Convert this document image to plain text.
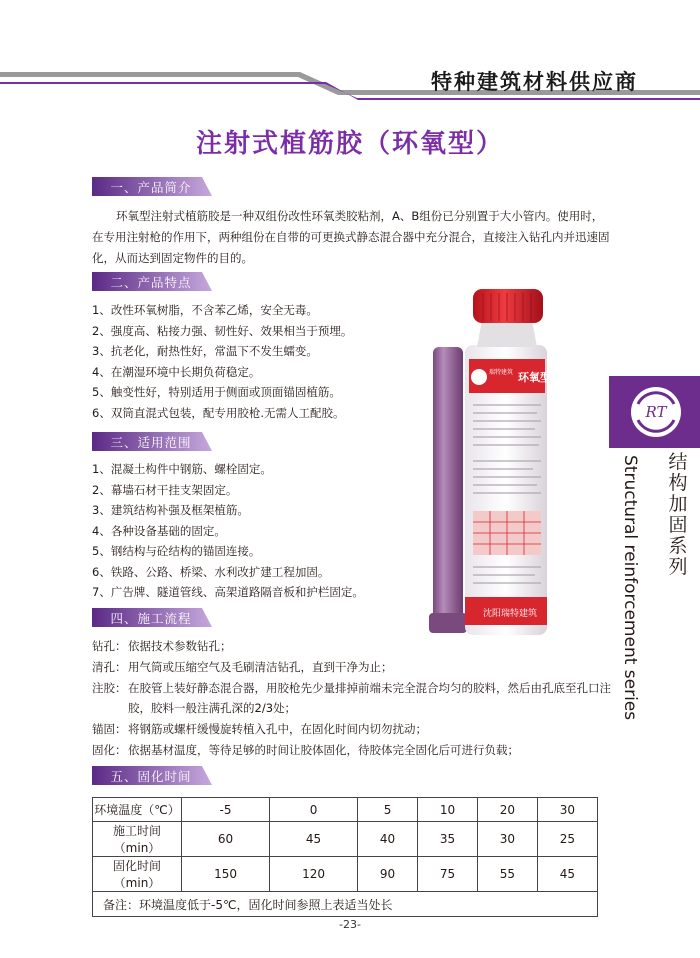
特种建筑材料供应商
注射式植筋胶（环氧型）
一、产品简介
环氧型注射式植筋胶是一种双组份改性环氧类胶粘剂，A、B组份已分别置于大小管内。使用时，在专用注射枪的作用下，两种组份在自带的可更换式静态混合器中充分混合，直接注入钻孔内并迅速固化，从而达到固定物件的目的。
二、产品特点
1、改性环氧树脂，不含苯乙烯，安全无毒。
2、强度高、粘接力强、韧性好、效果相当于预埋。
3、抗老化，耐热性好，常温下不发生蠕变。
4、在潮湿环境中长期负荷稳定。
5、触变性好，特别适用于侧面或顶面锚固植筋。
6、双筒直混式包装，配专用胶枪.无需人工配胶。
三、适用范围
1、混凝土构件中钢筋、螺栓固定。
2、幕墙石材干挂支架固定。
3、建筑结构补强及框架植筋。
4、各种设备基础的固定。
5、钢结构与砼结构的锚固连接。
6、铁路、公路、桥梁、水利改扩建工程加固。
7、广告牌、隧道管线、高架道路隔音板和护栏固定。
四、施工流程
钻孔： 依据技术参数钻孔；
清孔： 用气筒或压缩空气及毛刷清洁钻孔，直到干净为止；
注胶： 在胶管上装好静态混合器，用胶枪先少量排掉前端未完全混合均匀的胶料，然后由孔底至孔口注胶，胶料一般注满孔深的2/3处；
锚固： 将钢筋或螺杆缓慢旋转植入孔中，在固化时间内切勿扰动；
固化： 依据基材温度，等待足够的时间让胶体固化，待胶体完全固化后可进行负载；
五、固化时间
环境温度（℃）	-5	0	5	10	20	30
施工时间（min）	60	45	40	35	30	25
固化时间（min）	150	120	90	75	55	45
备注：环境温度低于-5℃，固化时间参照上表适当处长						
瑞特建筑 环氧型
沈阳瑞特建筑
RT
结
构
加
固
系
列
Structural reinforcement series
-23-
